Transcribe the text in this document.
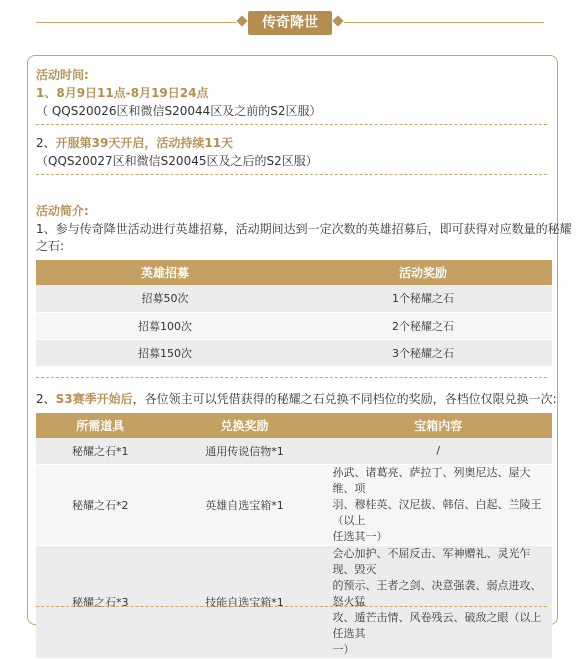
传奇降世
活动时间:
1、8月9日11点-8月19日24点
（ QQS20026区和微信S20044区及之前的S2区服）
2、开服第39天开启，活动持续11天
（QQS20027区和微信S20045区及之后的S2区服）
活动简介:
1、参与传奇降世活动进行英雄招募，活动期间达到一定次数的英雄招募后，即可获得对应数量的秘耀
之石:
英雄招募	活动奖励
招募50次	1个秘耀之石
招募100次	2个秘耀之石
招募150次	3个秘耀之石
2、S3赛季开始后，各位领主可以凭借获得的秘耀之石兑换不同档位的奖励，各档位仅限兑换一次:
所需道具	兑换奖励	宝箱内容
秘耀之石*1	通用传说信物*1	/
秘耀之石*2	英雄自选宝箱*1	孙武、诸葛亮、萨拉丁、列奥尼达、屋大维、项
羽、穆桂英、汉尼拔、韩信、白起、兰陵王（以上
任选其一）

秘耀之石*3	技能自选宝箱*1	会心加护、不屈反击、军神赠礼、灵光乍现、毁灭
的预示、王者之剑、决意强袭、弱点进攻、怒火猛
攻、遁芒击情、风卷残云、破敌之眼（以上任选其
一）
